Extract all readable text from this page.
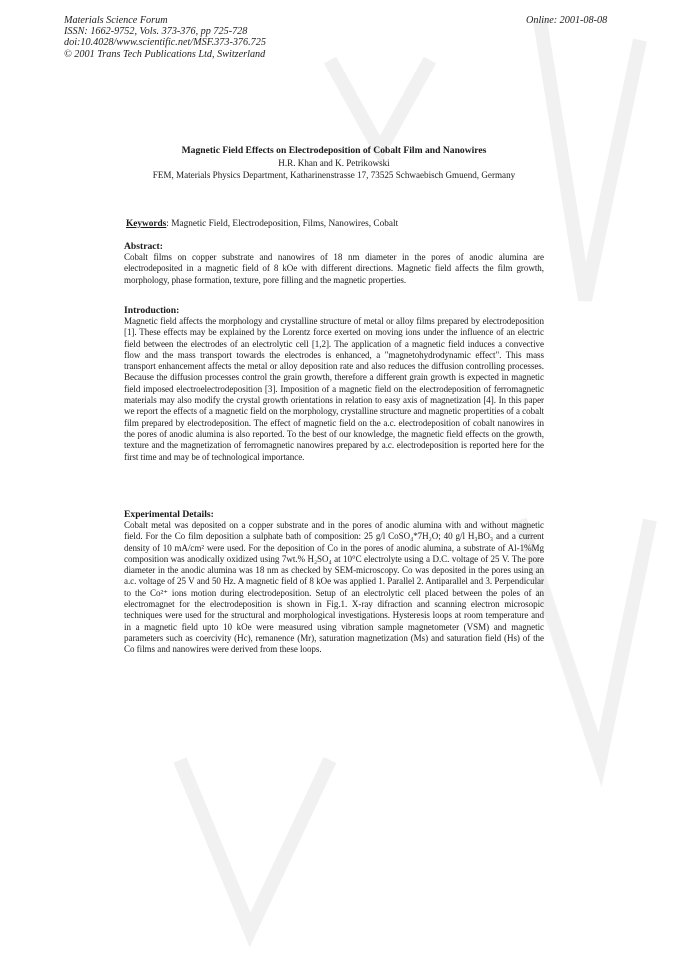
Materials Science Forum
ISSN: 1662-9752, Vols. 373-376, pp 725-728
doi:10.4028/www.scientific.net/MSF.373-376.725
© 2001 Trans Tech Publications Ltd, Switzerland
Online: 2001-08-08
Magnetic Field Effects on Electrodeposition of Cobalt Film and Nanowires
H.R. Khan and K. Petrikowski
FEM, Materials Physics Department, Katharinenstrasse 17, 73525 Schwaebisch Gmuend, Germany
Keywords: Magnetic Field, Electrodeposition, Films, Nanowires, Cobalt
Abstract:

Cobalt films on copper substrate and nanowires of 18 nm diameter in the pores of anodic alumina are electrodeposited in a magnetic field of 8 kOe with different directions. Magnetic field affects the film growth, morphology, phase formation, texture, pore filling and the magnetic properties.

Introduction:

Magnetic field affects the morphology and crystalline structure of metal or alloy films prepared by electrodeposition [1]. These effects may be explained by the Lorentz force exerted on moving ions under the influence of an electric field between the electrodes of an electrolytic cell [1,2]. The application of a magnetic field induces a convective flow and the mass transport towards the electrodes is enhanced, a "magnetohydrodynamic effect". This mass transport enhancement affects the metal or alloy deposition rate and also reduces the diffusion controlling processes. Because the diffusion processes control the grain growth, therefore a different grain growth is expected in magnetic field imposed electroelectrodeposition [3]. Imposition of a magnetic field on the electrodeposition of ferromagnetic materials may also modify the crystal growth orientations in relation to easy axis of magnetization [4]. In this paper we report the effects of a magnetic field on the morphology, crystalline structure and magnetic propertities of a cobalt film prepared by electrodeposition. The effect of magnetic field on the a.c. electrodeposition of cobalt nanowires in the pores of anodic alumina is also reported. To the best of our knowledge, the magnetic field effects on the growth, texture and the magnetization of ferromagnetic nanowires prepared by a.c. electrodeposition is reported here for the first time and may be of technological importance.

Experimental Details:

Cobalt metal was deposited on a copper substrate and in the pores of anodic alumina with and without magnetic field. For the Co film deposition a sulphate bath of composition: 25 g/l CoSO₄*7H₂O; 40 g/l H₃BO₃ and a current density of 10 mA/cm² were used. For the deposition of Co in the pores of anodic alumina, a substrate of Al-1%Mg composition was anodically oxidized using 7wt.% H₂SO₄ at 10°C electrolyte using a D.C. voltage of 25 V. The pore diameter in the anodic alumina was 18 nm as checked by SEM-microscopy. Co was deposited in the pores using an a.c. voltage of 25 V and 50 Hz. A magnetic field of 8 kOe was applied 1. Parallel 2. Antiparallel and 3. Perpendicular to the Co²⁺ ions motion during electrodeposition. Setup of an electrolytic cell placed between the poles of an electromagnet for the electrodeposition is shown in Fig.1. X-ray difraction and scanning electron microsopic techniques were used for the structural and morphological investigations. Hysteresis loops at room temperature and in a magnetic field upto 10 kOe were measured using vibration sample magnetometer (VSM) and magnetic parameters such as coercivity (Hc), remanence (Mr), saturation magnetization (Ms) and saturation field (Hs) of the Co films and nanowires were derived from these loops.
